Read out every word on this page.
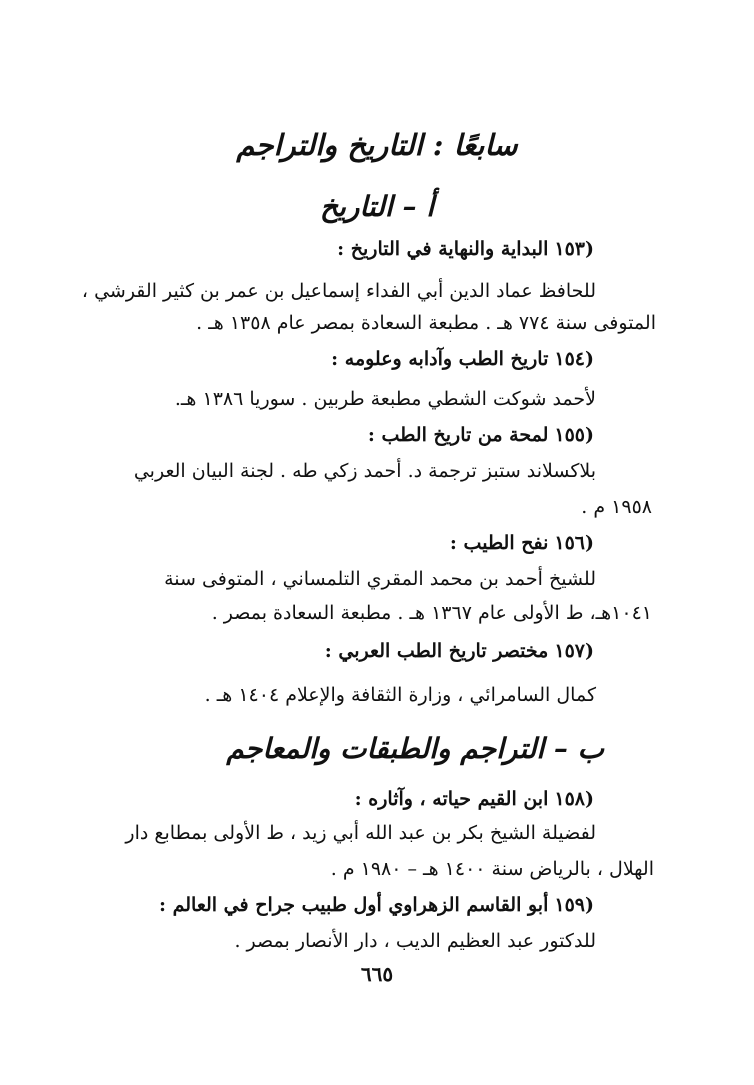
سابعًا : التاريخ والتراجم
أ – التاريخ
(١٥٣البداية والنهاية في التاريخ :
للحافظ عماد الدين أبي الفداء إسماعيل بن عمر بن كثير القرشي ،
المتوفى سنة ٧٧٤ هـ . مطبعة السعادة بمصر عام ١٣٥٨ هـ .
(١٥٤تاريخ الطب وآدابه وعلومه :
لأحمد شوكت الشطي مطبعة طربين . سوريا ١٣٨٦ هـ.
(١٥٥لمحة من تاريخ الطب :
بلاكسلاند ستبز ترجمة د. أحمد زكي طه . لجنة البيان العربي
١٩٥٨ م .
(١٥٦نفح الطيب :
للشيخ أحمد بن محمد المقري التلمساني ، المتوفى سنة
١٠٤١هـ، ط الأولى عام ١٣٦٧ هـ . مطبعة السعادة بمصر .
(١٥٧مختصر تاريخ الطب العربي :
كمال السامرائي ، وزارة الثقافة والإعلام ١٤٠٤ هـ .
ب – التراجم والطبقات والمعاجم
(١٥٨ابن القيم حياته ، وآثاره :
لفضيلة الشيخ بكر بن عبد الله أبي زيد ، ط الأولى بمطابع دار
الهلال ، بالرياض سنة ١٤٠٠ هـ – ١٩٨٠ م .
(١٥٩أبو القاسم الزهراوي أول طبيب جراح في العالم :
للدكتور عبد العظيم الديب ، دار الأنصار بمصر .
٦٦٥
